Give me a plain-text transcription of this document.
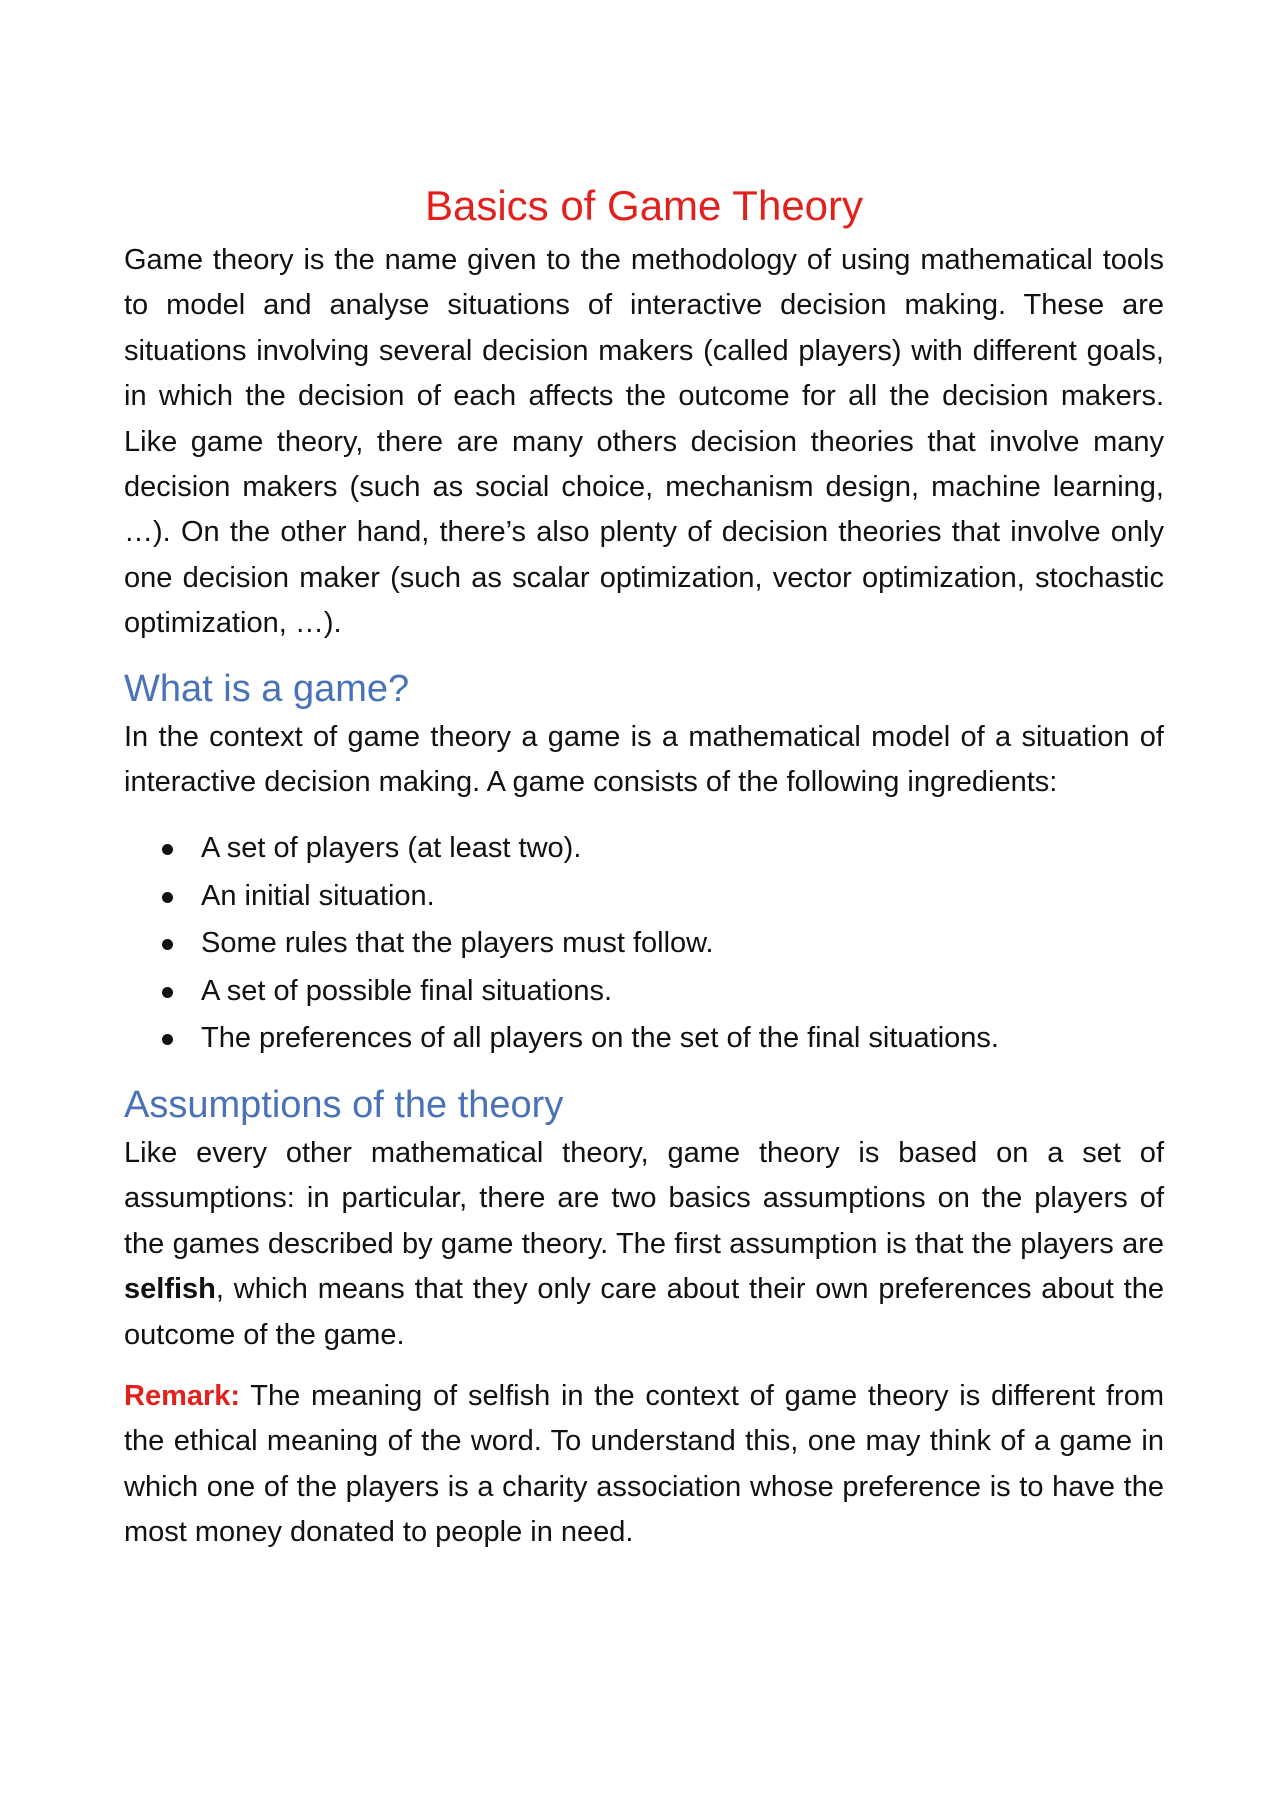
Basics of Game Theory

Game theory is the name given to the methodology of using mathematical tools to model and analyse situations of interactive decision making. These are situations involving several decision makers (called players) with different goals, in which the decision of each affects the outcome for all the decision makers. Like game theory, there are many others decision theories that involve many decision makers (such as social choice, mechanism design, machine learning, …). On the other hand, there’s also plenty of decision theories that involve only one decision maker (such as scalar optimization, vector optimization, stochastic optimization, …).

What is a game?

In the context of game theory a game is a mathematical model of a situation of interactive decision making. A game consists of the following ingredients:

A set of players (at least two).
An initial situation.
Some rules that the players must follow.
A set of possible final situations.
The preferences of all players on the set of the final situations.
Assumptions of the theory

Like every other mathematical theory, game theory is based on a set of assumptions: in particular, there are two basics assumptions on the players of the games described by game theory. The first assumption is that the players are selfish, which means that they only care about their own preferences about the outcome of the game.

Remark: The meaning of selfish in the context of game theory is different from the ethical meaning of the word. To understand this, one may think of a game in which one of the players is a charity association whose preference is to have the most money donated to people in need.
